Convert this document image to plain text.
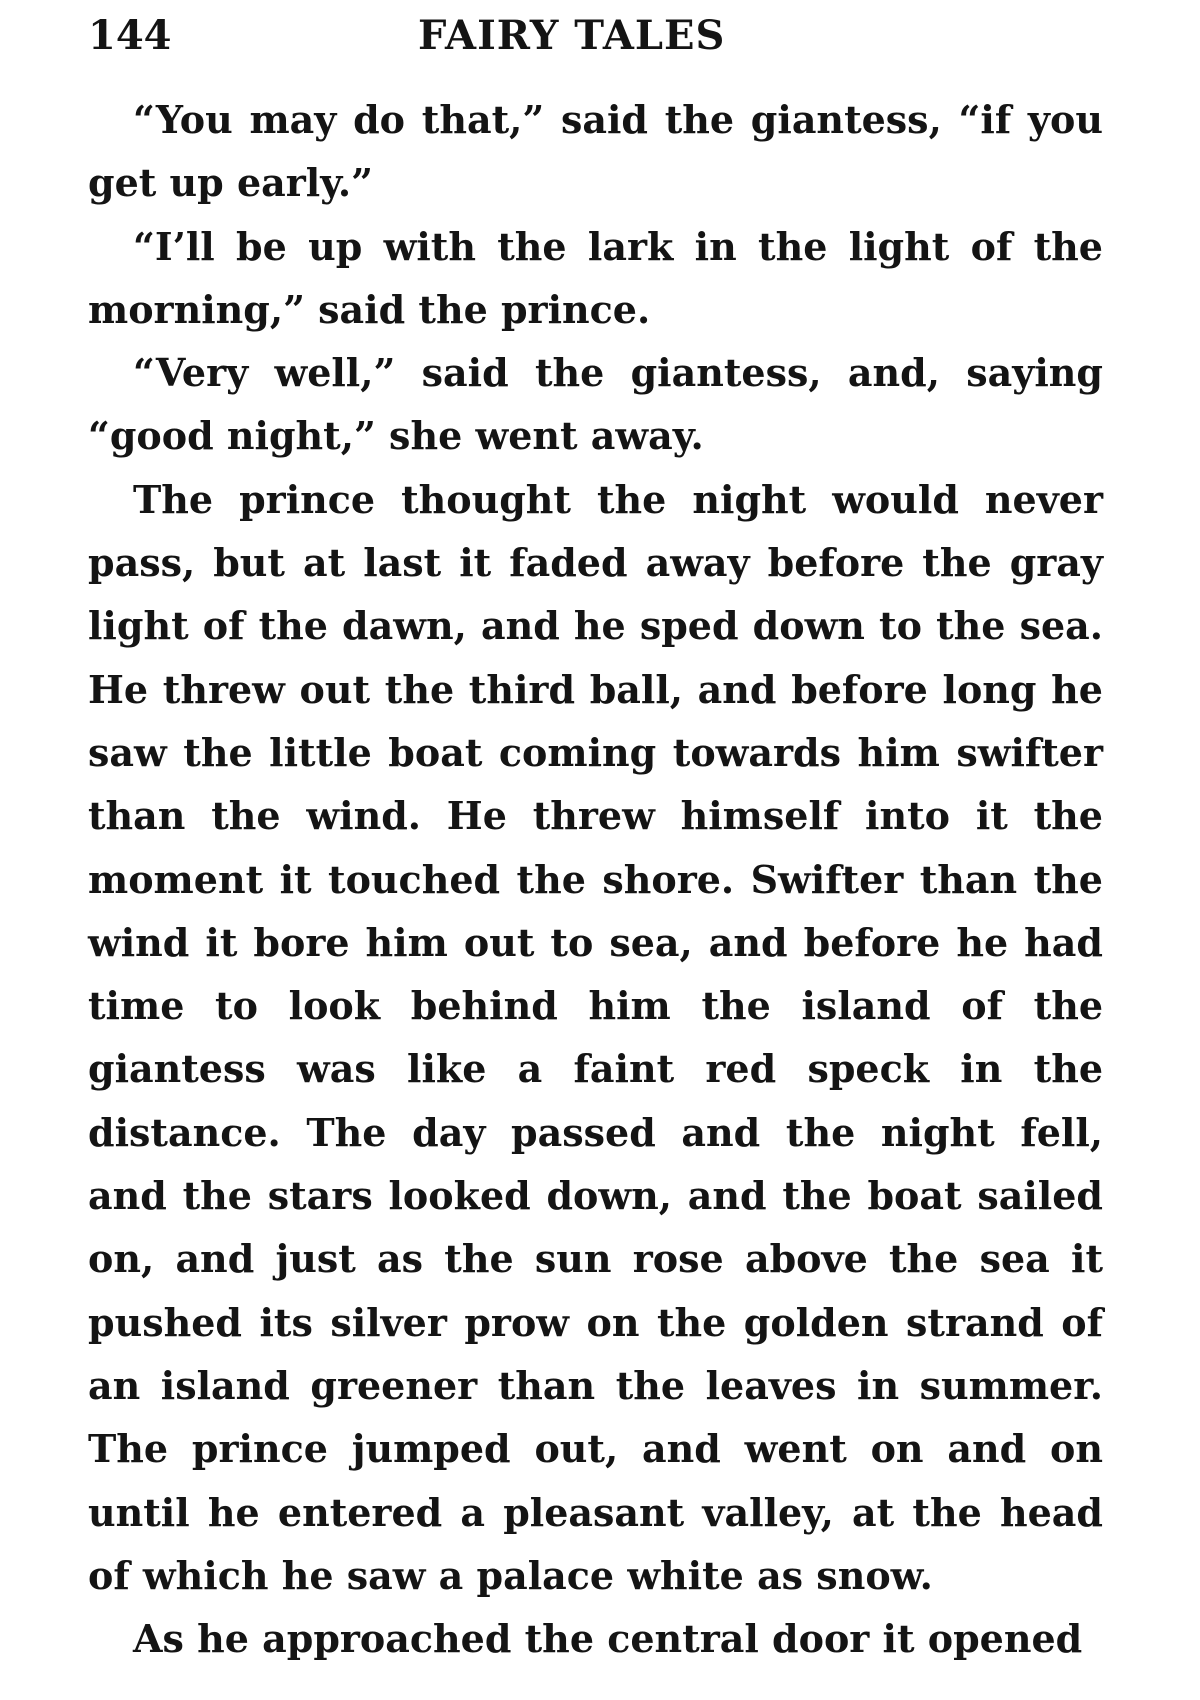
144	FAIRY TALES

“You may do that,” said the giantess, “if you get up early.”

“I’ll be up with the lark in the light of the morning,” said the prince.

“Very well,” said the giantess, and, saying “good night,” she went away.

The prince thought the night would never pass, but at last it faded away before the gray light of the dawn, and he sped down to the sea. He threw out the third ball, and before long he saw the little boat coming towards him swifter than the wind. He threw himself into it the moment it touched the shore. Swifter than the wind it bore him out to sea, and before he had time to look behind him the island of the giantess was like a faint red speck in the distance. The day passed and the night fell, and the stars looked down, and the boat sailed on, and just as the sun rose above the sea it pushed its silver prow on the golden strand of an island greener than the leaves in summer. The prince jumped out, and went on and on until he entered a pleasant valley, at the head of which he saw a palace white as snow.

As he approached the central door it opened
